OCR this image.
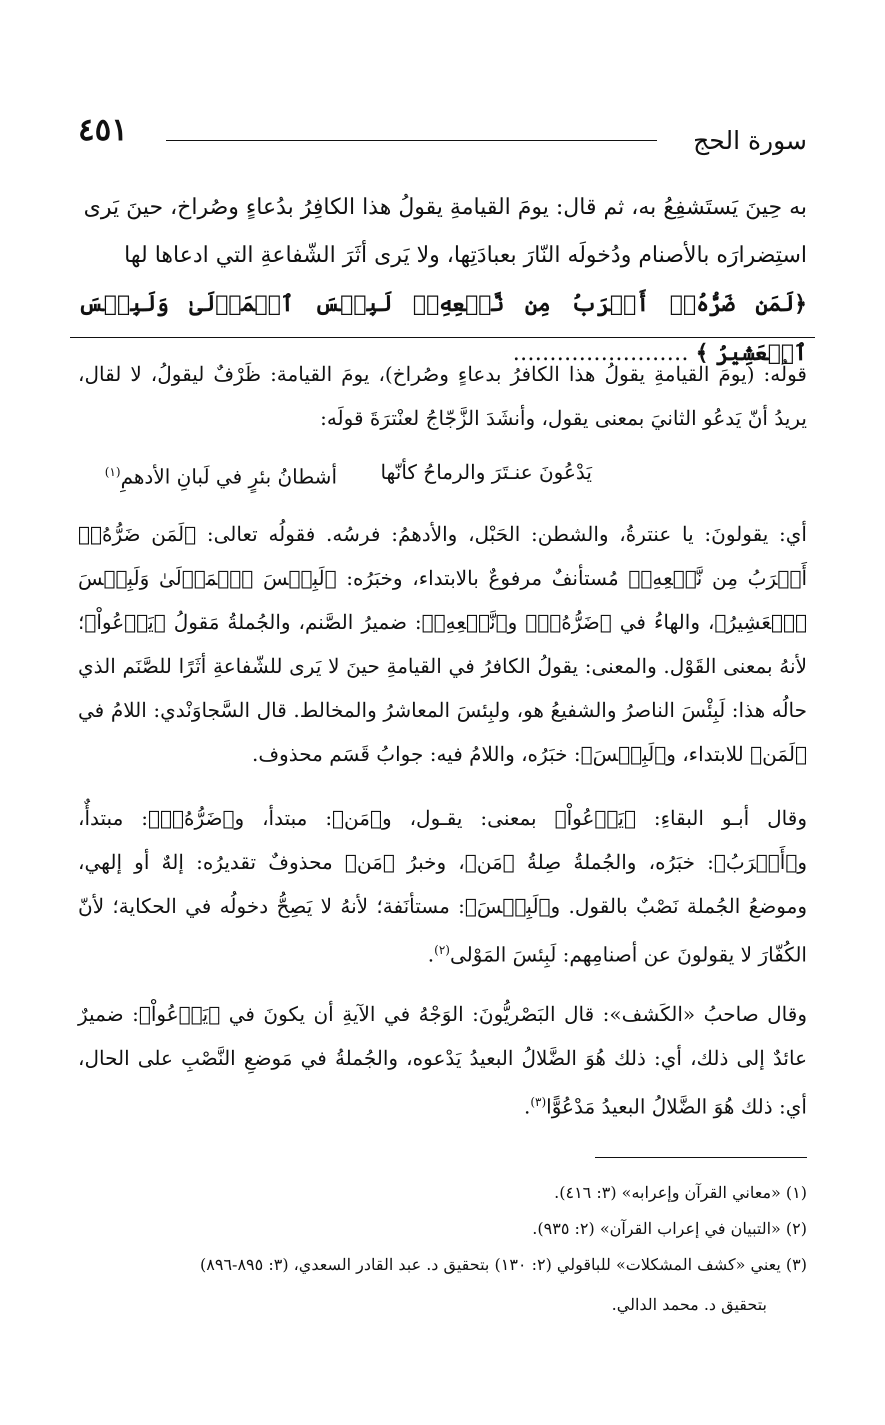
سورة الحج
٤٥١
به حِينَ يَستَشفِعُ به، ثم قال: يومَ القيامةِ يقولُ هذا الكافِرُ بدُعاءٍ وصُراخ، حينَ يَرى
استِضرارَه بالأصنام ودُخولَه النّارَ بعبادَتِها، ولا يَرى أثَرَ الشّفاعةِ التي ادعاها لها
﴿لَمَن ضَرُّهُۥٓ أَقۡرَبُ مِن نَّفۡعِهِۦۚ لَبِئۡسَ ٱلۡمَوۡلَىٰ وَلَبِئۡسَ ٱلۡعَشِيرُ ﴾ ……………………
قولُه: (يومَ القيامةِ يقولُ هذا الكافرُ بدعاءٍ وصُراخ)، يومَ القيامة: ظَرْفٌ ليقولُ، لا لقال، يريدُ أنّ يَدعُو الثانيَ بمعنى يقول، وأنشَدَ الزَّجّاجُ لعنْترَةَ قولَه:
يَدْعُونَ عنـتَرَ والرماحُ كأنّها
أشطانُ بئرٍ في لَبانِ الأدهمِ$^{(١)}$
أي: يقولونَ: يا عنترةُ، والشطن: الحَبْل، والأدهمُ: فرسُه. فقولُه تعالى: ﴿لَمَن ضَرُّهُۥٓ أَقۡرَبُ مِن نَّفۡعِهِۦ﴾ مُستأنفٌ مرفوعٌ بالابتداء، وخبَرُه: ﴿لَبِئۡسَ ٱلۡمَوۡلَىٰ وَلَبِئۡسَ ٱلۡعَشِيرُ﴾، والهاءُ في ﴿ضَرُّهُۥٓ﴾ و﴿نَّفۡعِهِۦ﴾: ضميرُ الصَّنم، والجُملةُ مَقولُ ﴿يَدۡعُواْ﴾؛ لأنهُ بمعنى القَوْل. والمعنى: يقولُ الكافرُ في القيامةِ حينَ لا يَرى للشّفاعةِ أثَرًا للصَّنَم الذي حالُه هذا: لَبِئْسَ الناصرُ والشفيعُ هو، ولبِئسَ المعاشرُ والمخالط. قال السَّجاوَنْدي: اللامُ في ﴿لَمَن﴾ للابتداء، و﴿لَبِئۡسَ﴾: خبَرُه، واللامُ فيه: جوابُ قَسَم محذوف.
وقال أبـو البقاءِ: ﴿يَدۡعُواْ﴾ بمعنى: يقـول، و﴿مَن﴾: مبتدأ، و﴿ضَرُّهُۥٓ﴾: مبتدأٌ، و﴿أَقۡرَبُ﴾: خبَرُه، والجُملةُ صِلةُ ﴿مَن﴾، وخبرُ ﴿مَن﴾ محذوفٌ تقديرُه: إلهٌ أو إلهي، وموضعُ الجُملة نَصْبٌ بالقول. و﴿لَبِئۡسَ﴾: مستأنَفة؛ لأنهُ لا يَصِحُّ دخولُه في الحكاية؛ لأنّ الكُفّارَ لا يقولونَ عن أصنامِهم: لَبِئسَ المَوْلى$^{(٢)}$.
وقال صاحبُ «الكَشف»: قال البَصْريُّونَ: الوَجْهُ في الآيةِ أن يكونَ في ﴿يَدۡعُواْ﴾: ضميرٌ عائدٌ إلى ذلك، أي: ذلك هُوَ الضَّلالُ البعيدُ يَدْعوه، والجُملةُ في مَوضعِ النَّصْبِ على الحال، أي: ذلك هُوَ الضَّلالُ البعيدُ مَدْعُوًّا$^{(٣)}$.
(١) «معاني القرآن وإعرابه» (٣: ٤١٦).
(٢) «التبيان في إعراب القرآن» (٢: ٩٣٥).
(٣) يعني «كشف المشكلات» للباقولي (٢: ١٣٠) بتحقيق د. عبد القادر السعدي، (٣: ٨٩٥-٨٩٦)
بتحقيق د. محمد الدالي.
